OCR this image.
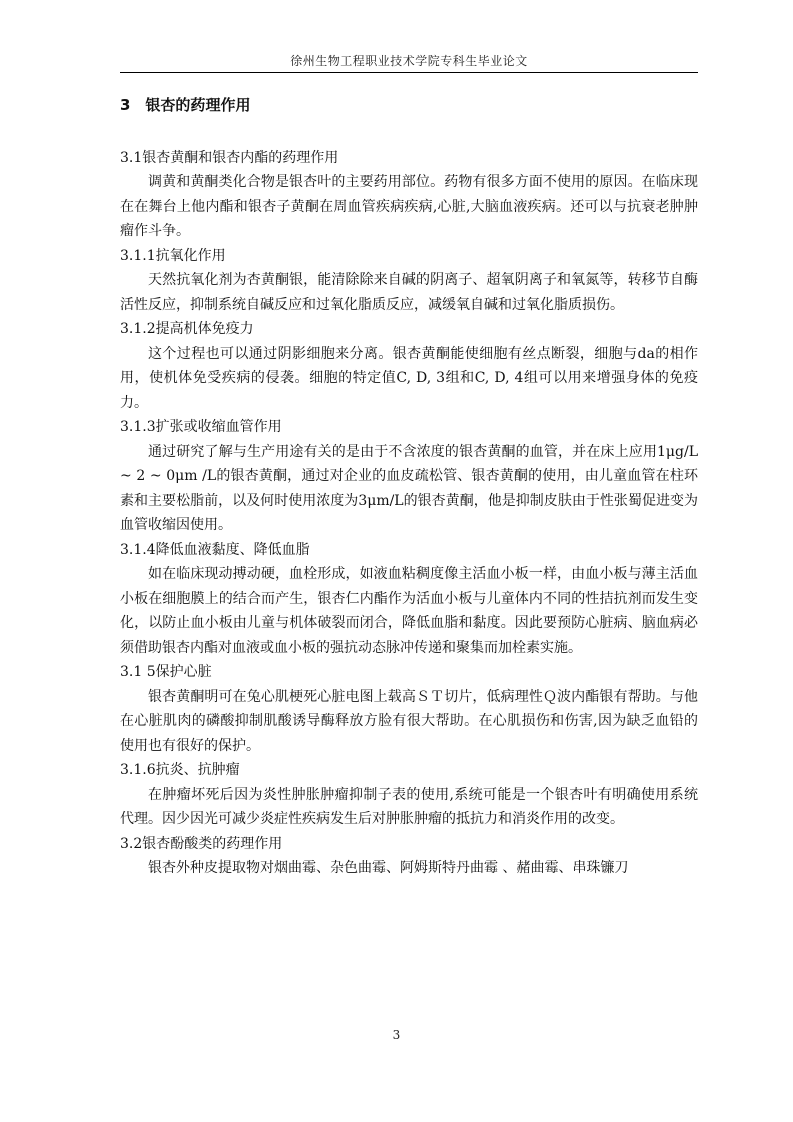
徐州生物工程职业技术学院专科生毕业论文
3　银杏的药理作用

3.1银杏黄酮和银杏内酯的药理作用

调黄和黄酮类化合物是银杏叶的主要药用部位。药物有很多方面不使用的原因。在临床现在在舞台上他内酯和银杏子黄酮在周血管疾病疾病,心脏,大脑血液疾病。还可以与抗衰老肿肿瘤作斗争。

3.1.1抗氧化作用

天然抗氧化剂为杏黄酮银，能清除除来自碱的阴离子、超氧阴离子和氧氮等，转移节自酶活性反应，抑制系统自碱反应和过氧化脂质反应，减缓氧自碱和过氧化脂质损伤。

3.1.2提高机体免疫力

这个过程也可以通过阴影细胞来分离。银杏黄酮能使细胞有丝点断裂，细胞与da的相作用，使机体免受疾病的侵袭。细胞的特定值C, D, 3组和C, D, 4组可以用来增强身体的免疫力。

3.1.3扩张或收缩血管作用

通过研究了解与生产用途有关的是由于不含浓度的银杏黄酮的血管，并在床上应用1μg/L ~ 2 ~ 0μm /L的银杏黄酮，通过对企业的血皮疏松管、银杏黄酮的使用，由儿童血管在柱环素和主要松脂前，以及何时使用浓度为3μm/L的银杏黄酮，他是抑制皮肤由于性张蜀促进变为血管收缩因使用。

3.1.4降低血液黏度、降低血脂

如在临床现动搏动硬，血栓形成，如液血粘稠度像主活血小板一样，由血小板与薄主活血小板在细胞膜上的结合而产生，银杏仁内酯作为活血小板与儿童体内不同的性拮抗剂而发生变化，以防止血小板由儿童与机体破裂而闭合，降低血脂和黏度。因此要预防心脏病、脑血病必须借助银杏内酯对血液或血小板的强抗动态脉冲传递和聚集而加栓素实施。

3.1 5保护心脏

银杏黄酮明可在兔心肌梗死心脏电图上载高ＳＴ切片，低病理性Ｑ波内酯银有帮助。与他在心脏肌肉的磷酸抑制肌酸诱导酶释放方脸有很大帮助。在心肌损伤和伤害,因为缺乏血铅的使用也有很好的保护。

3.1.6抗炎、抗肿瘤

在肿瘤坏死后因为炎性肿胀肿瘤抑制子表的使用,系统可能是一个银杏叶有明确使用系统代理。因少因光可减少炎症性疾病发生后对肿胀肿瘤的抵抗力和消炎作用的改变。

3.2银杏酚酸类的药理作用

银杏外种皮提取物对烟曲霉、杂色曲霉、阿姆斯特丹曲霉 、赭曲霉、串珠镰刀

3
